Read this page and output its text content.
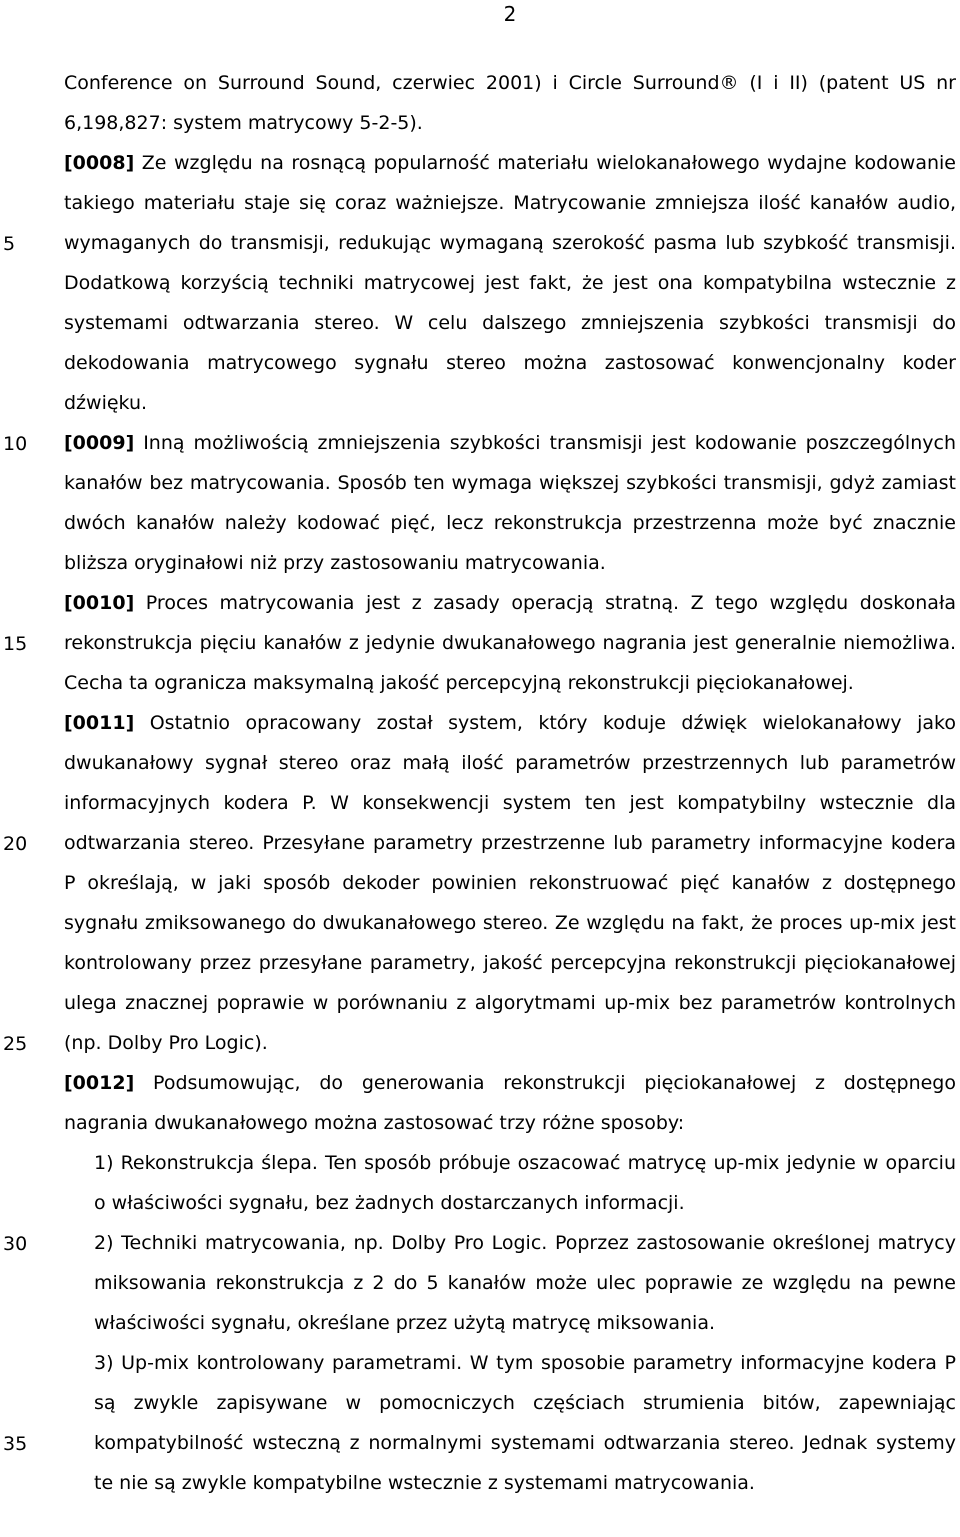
2
5
10
15
20
25
30
35

Conference on Surround Sound, czerwiec 2001) i Circle Surround® (I i II) (patent US nr 6,198,827: system matrycowy 5-2-5).

[0008] Ze względu na rosnącą popularność materiału wielokanałowego wydajne kodowanie takiego materiału staje się coraz ważniejsze. Matrycowanie zmniejsza ilość kanałów audio, wymaganych do transmisji, redukując wymaganą szerokość pasma lub szybkość transmisji. Dodatkową korzyścią techniki matrycowej jest fakt, że jest ona kompatybilna wstecznie z systemami odtwarzania stereo. W celu dalszego zmniejszenia szybkości transmisji do dekodowania matrycowego sygnału stereo można zastosować konwencjonalny koder dźwięku.

[0009] Inną możliwością zmniejszenia szybkości transmisji jest kodowanie poszczególnych kanałów bez matrycowania. Sposób ten wymaga większej szybkości transmisji, gdyż zamiast dwóch kanałów należy kodować pięć, lecz rekonstrukcja przestrzenna może być znacznie bliższa oryginałowi niż przy zastosowaniu matrycowania.

[0010] Proces matrycowania jest z zasady operacją stratną. Z tego względu doskonała rekonstrukcja pięciu kanałów z jedynie dwukanałowego nagrania jest generalnie niemożliwa. Cecha ta ogranicza maksymalną jakość percepcyjną rekonstrukcji pięciokanałowej.

[0011] Ostatnio opracowany został system, który koduje dźwięk wielokanałowy jako dwukanałowy sygnał stereo oraz małą ilość parametrów przestrzennych lub parametrów informacyjnych kodera P. W konsekwencji system ten jest kompatybilny wstecznie dla odtwarzania stereo. Przesyłane parametry przestrzenne lub parametry informacyjne kodera P określają, w jaki sposób dekoder powinien rekonstruować pięć kanałów z dostępnego sygnału zmiksowanego do dwukanałowego stereo. Ze względu na fakt, że proces up-mix jest kontrolowany przez przesyłane parametry, jakość percepcyjna rekonstrukcji pięciokanałowej ulega znacznej poprawie w porównaniu z algorytmami up-mix bez parametrów kontrolnych (np. Dolby Pro Logic).

[0012] Podsumowując, do generowania rekonstrukcji pięciokanałowej z dostępnego nagrania dwukanałowego można zastosować trzy różne sposoby:

1) Rekonstrukcja ślepa. Ten sposób próbuje oszacować matrycę up-mix jedynie w oparciu o właściwości sygnału, bez żadnych dostarczanych informacji.

2) Techniki matrycowania, np. Dolby Pro Logic. Poprzez zastosowanie określonej matrycy miksowania rekonstrukcja z 2 do 5 kanałów może ulec poprawie ze względu na pewne właściwości sygnału, określane przez użytą matrycę miksowania.

3) Up-mix kontrolowany parametrami. W tym sposobie parametry informacyjne kodera P są zwykle zapisywane w pomocniczych częściach strumienia bitów, zapewniając kompatybilność wsteczną z normalnymi systemami odtwarzania stereo. Jednak systemy te nie są zwykle kompatybilne wstecznie z systemami matrycowania.
